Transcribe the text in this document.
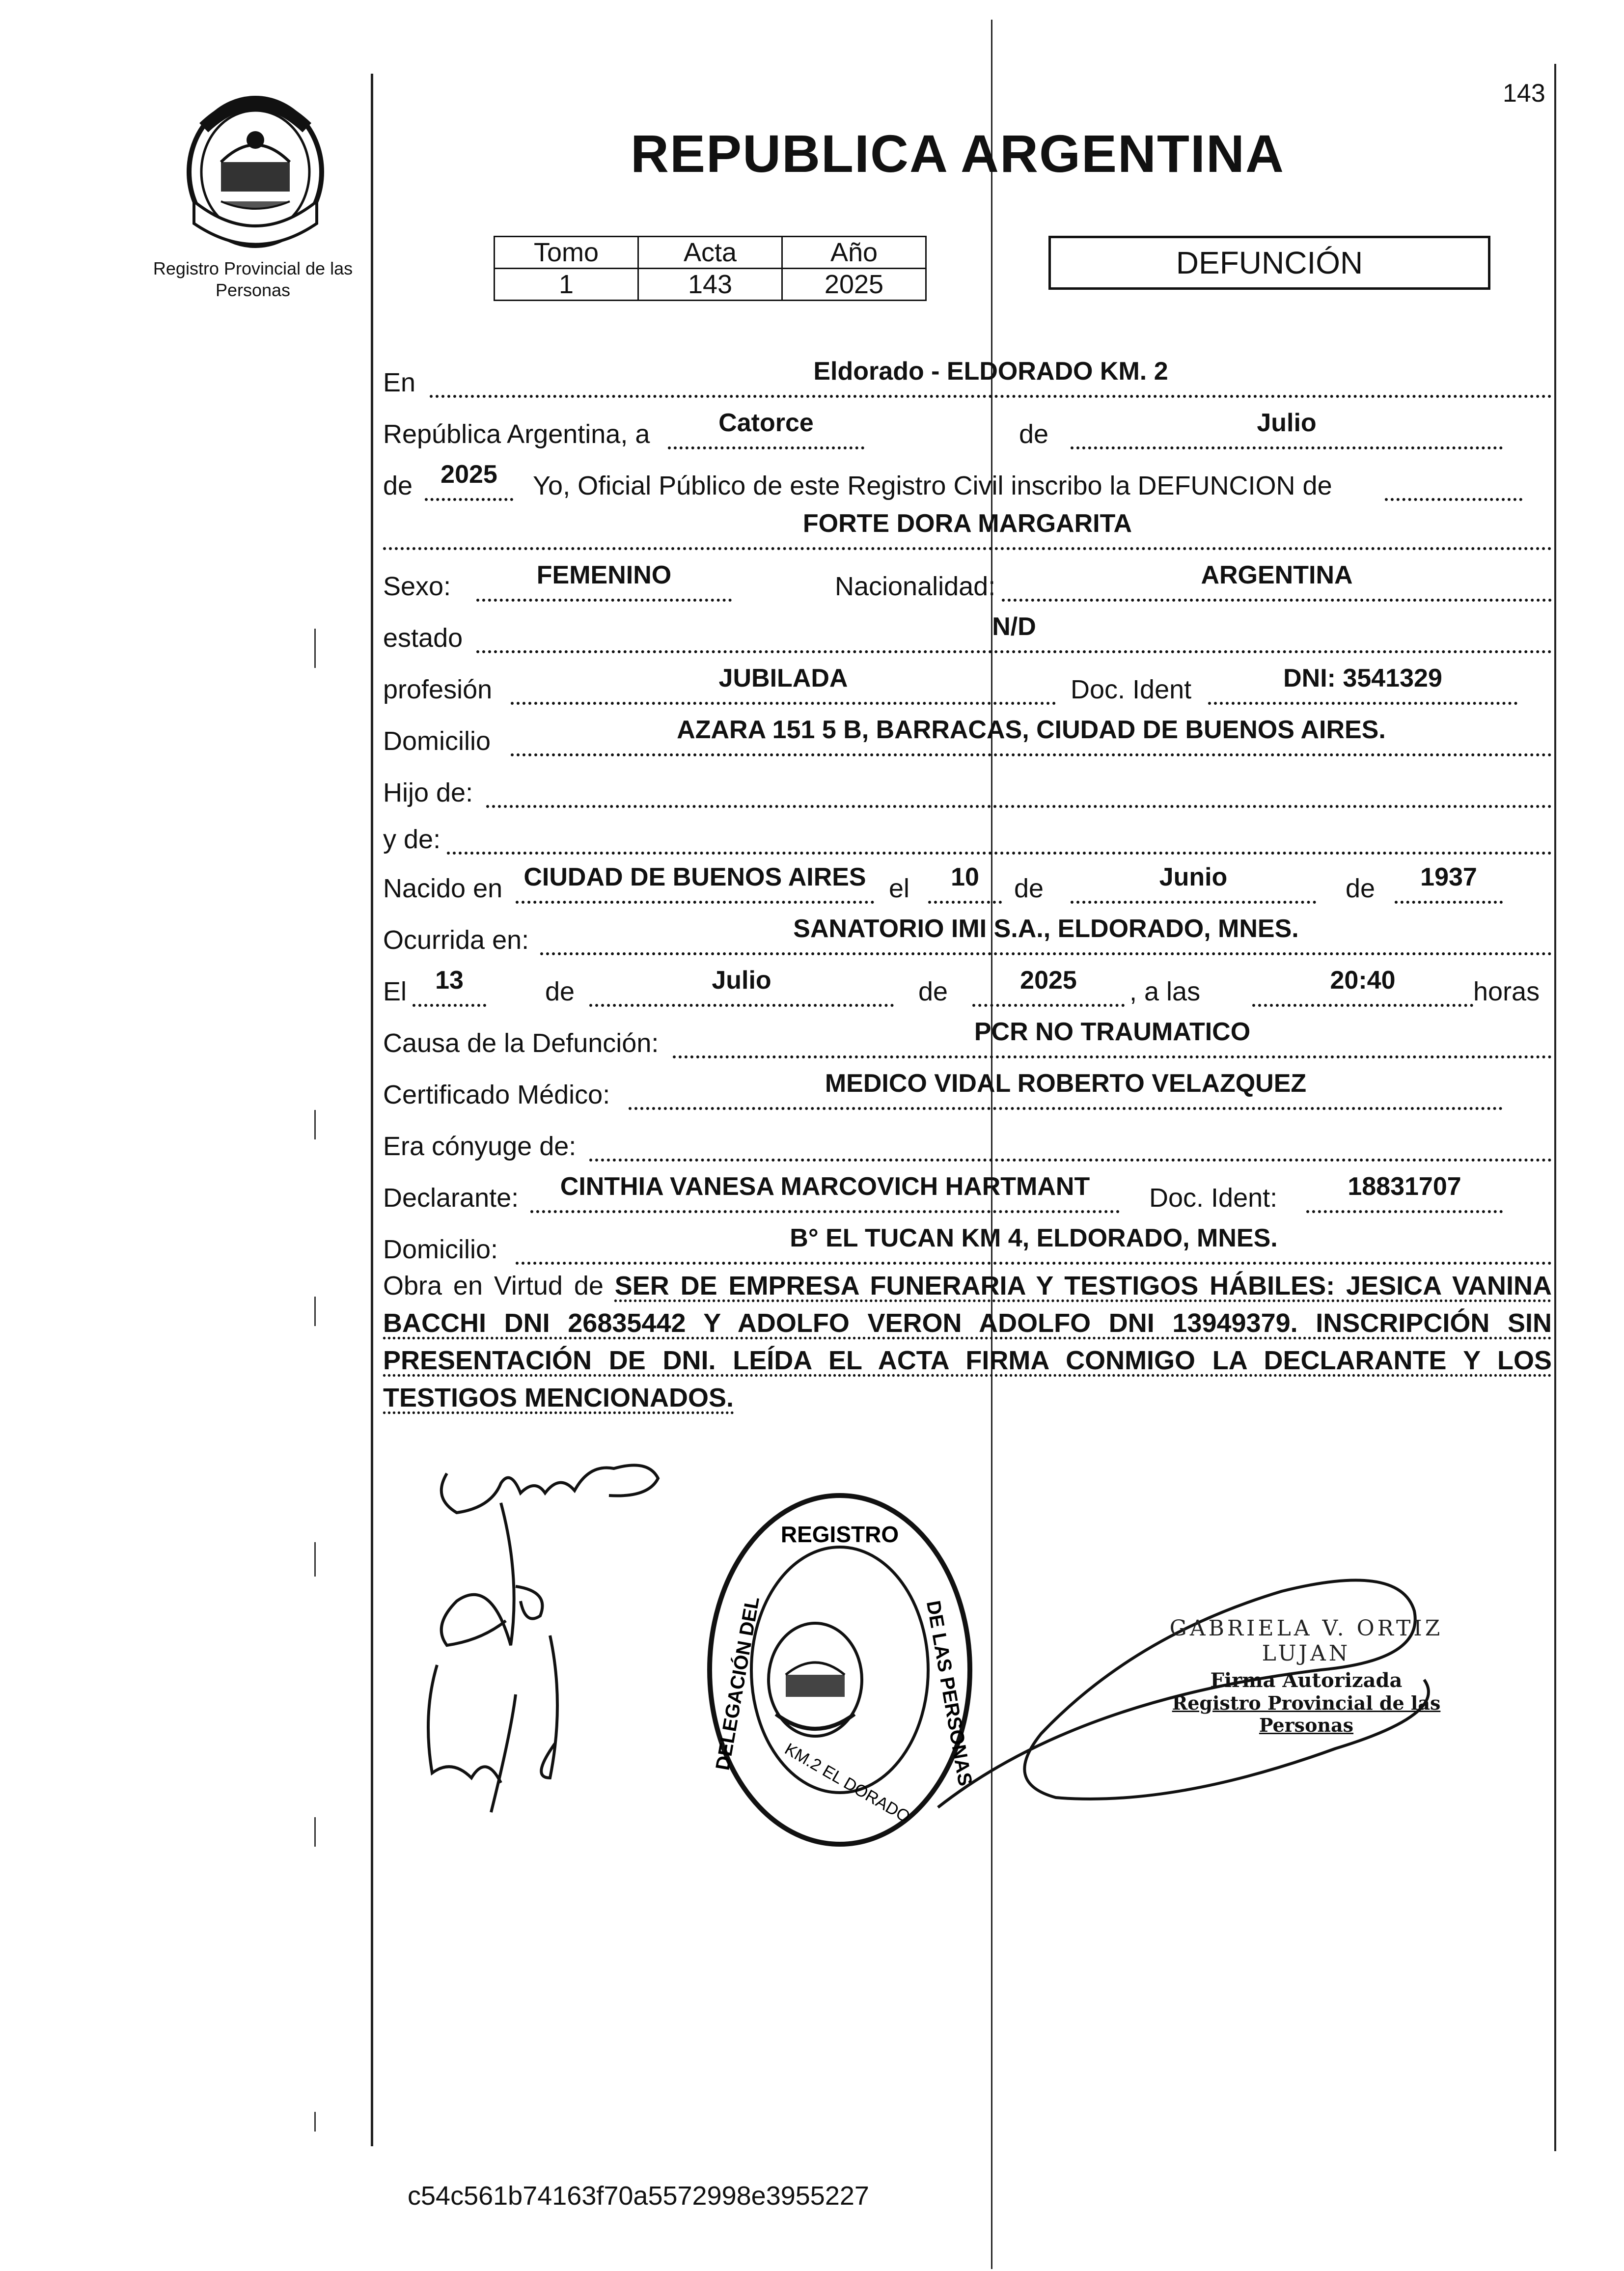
143
Registro Provincial de las Personas
REPUBLICA ARGENTINA
Tomo	Acta	Año
1	143	2025
DEFUNCIÓN
En	Eldorado - ELDORADO KM. 2
República Argentina, a	Catorce	de	Julio
de 2025 Yo, Oficial Público de este Registro Civil inscribo la DEFUNCION de
FORTE DORA MARGARITA
Sexo:	FEMENINO	Nacionalidad:	ARGENTINA
estado	N/D
profesión	JUBILADA	Doc. Ident	DNI: 3541329
Domicilio	AZARA 151 5 B, BARRACAS, CIUDAD DE BUENOS AIRES.
Hijo de:
y de:
Nacido en CIUDAD DE BUENOS AIRES el 10 de	Junio	de 1937
Ocurrida en:	SANATORIO IMI S.A., ELDORADO, MNES.
El 13	de	Julio	de	2025 , a las	20:40	horas
Causa de la Defunción:	PCR NO TRAUMATICO
Certificado Médico:	MEDICO VIDAL ROBERTO VELAZQUEZ
Era cónyuge de:
Declarante: CINTHIA VANESA MARCOVICH HARTMANT Doc. Ident:	18831707
Domicilio:	B° EL TUCAN KM 4, ELDORADO, MNES.
Obra en Virtud de SER DE EMPRESA FUNERARIA Y TESTIGOS HÁBILES: JESICA VANINA BACCHI DNI 26835442 Y ADOLFO VERON ADOLFO DNI 13949379. INSCRIPCIÓN SIN PRESENTACIÓN DE DNI. LEÍDA EL ACTA FIRMA CONMIGO LA DECLARANTE Y LOS TESTIGOS MENCIONADOS.
REGISTRO
DELEGACIÓN DEL	DE LAS PERSONAS
KM.2 EL DORADO
GABRIELA V. ORTIZ LUJAN
Firma Autorizada
Registro Provincial de las Personas
c54c561b74163f70a5572998e3955227
